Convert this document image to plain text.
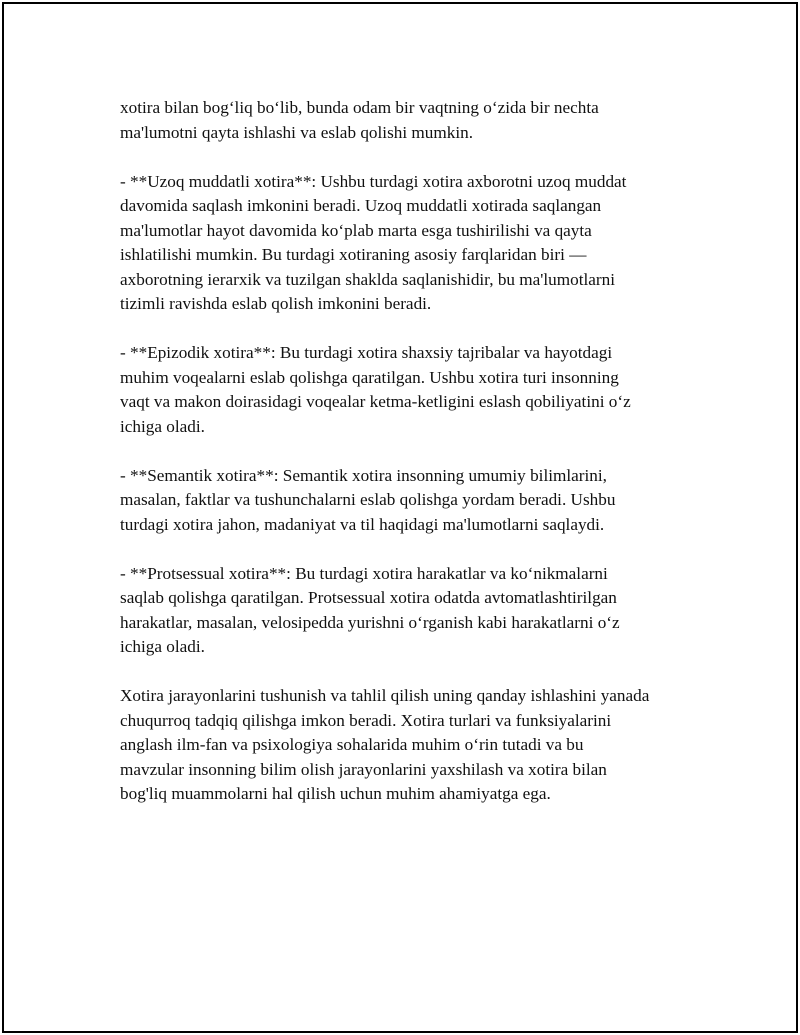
xotira bilan bog‘liq bo‘lib, bunda odam bir vaqtning o‘zida bir nechta
ma'lumotni qayta ishlashi va eslab qolishi mumkin.

- **Uzoq muddatli xotira**: Ushbu turdagi xotira axborotni uzoq muddat
davomida saqlash imkonini beradi. Uzoq muddatli xotirada saqlangan
ma'lumotlar hayot davomida ko‘plab marta esga tushirilishi va qayta
ishlatilishi mumkin. Bu turdagi xotiraning asosiy farqlaridan biri —
axborotning ierarxik va tuzilgan shaklda saqlanishidir, bu ma'lumotlarni
tizimli ravishda eslab qolish imkonini beradi.

- **Epizodik xotira**: Bu turdagi xotira shaxsiy tajribalar va hayotdagi
muhim voqealarni eslab qolishga qaratilgan. Ushbu xotira turi insonning
vaqt va makon doirasidagi voqealar ketma-ketligini eslash qobiliyatini o‘z
ichiga oladi.

- **Semantik xotira**: Semantik xotira insonning umumiy bilimlarini,
masalan, faktlar va tushunchalarni eslab qolishga yordam beradi. Ushbu
turdagi xotira jahon, madaniyat va til haqidagi ma'lumotlarni saqlaydi.

- **Protsessual xotira**: Bu turdagi xotira harakatlar va ko‘nikmalarni
saqlab qolishga qaratilgan. Protsessual xotira odatda avtomatlashtirilgan
harakatlar, masalan, velosipedda yurishni o‘rganish kabi harakatlarni o‘z
ichiga oladi.

Xotira jarayonlarini tushunish va tahlil qilish uning qanday ishlashini yanada
chuqurroq tadqiq qilishga imkon beradi. Xotira turlari va funksiyalarini
anglash ilm-fan va psixologiya sohalarida muhim o‘rin tutadi va bu
mavzular insonning bilim olish jarayonlarini yaxshilash va xotira bilan
bog'liq muammolarni hal qilish uchun muhim ahamiyatga ega.
